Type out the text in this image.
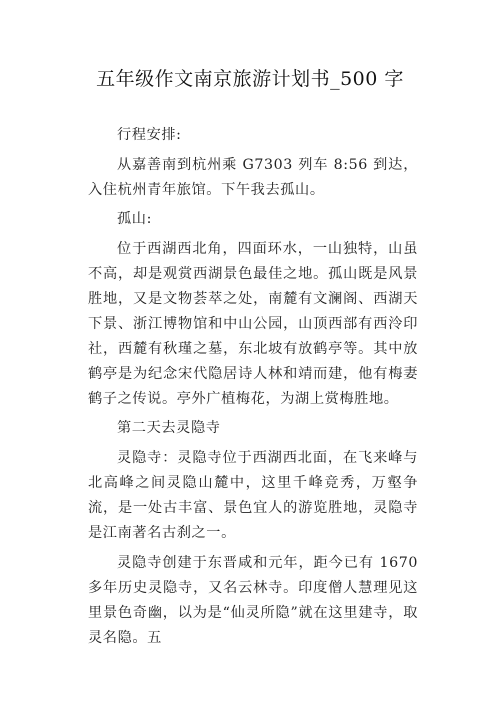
五年级作文南京旅游计划书_500 字

行程安排:

从嘉善南到杭州乘 G7303 列车 8:56 到达，入住杭州青年旅馆。下午我去孤山。

孤山:

位于西湖西北角，四面环水，一山独特，山虽不高，却是观赏西湖景色最佳之地。孤山既是风景胜地，又是文物荟萃之处，南麓有文澜阁、西湖天下景、浙江博物馆和中山公园，山顶西部有西泠印社，西麓有秋瑾之墓，东北坡有放鹤亭等。其中放鹤亭是为纪念宋代隐居诗人林和靖而建，他有梅妻鹤子之传说。亭外广植梅花，为湖上赏梅胜地。

第二天去灵隐寺

灵隐寺：灵隐寺位于西湖西北面，在飞来峰与北高峰之间灵隐山麓中，这里千峰竞秀，万壑争流，是一处古丰富、景色宜人的游览胜地，灵隐寺是江南著名古刹之一。

灵隐寺创建于东晋咸和元年，距今已有 1670 多年历史灵隐寺，又名云林寺。印度僧人慧理见这里景色奇幽，以为是“仙灵所隐”就在这里建寺，取灵名隐。五
